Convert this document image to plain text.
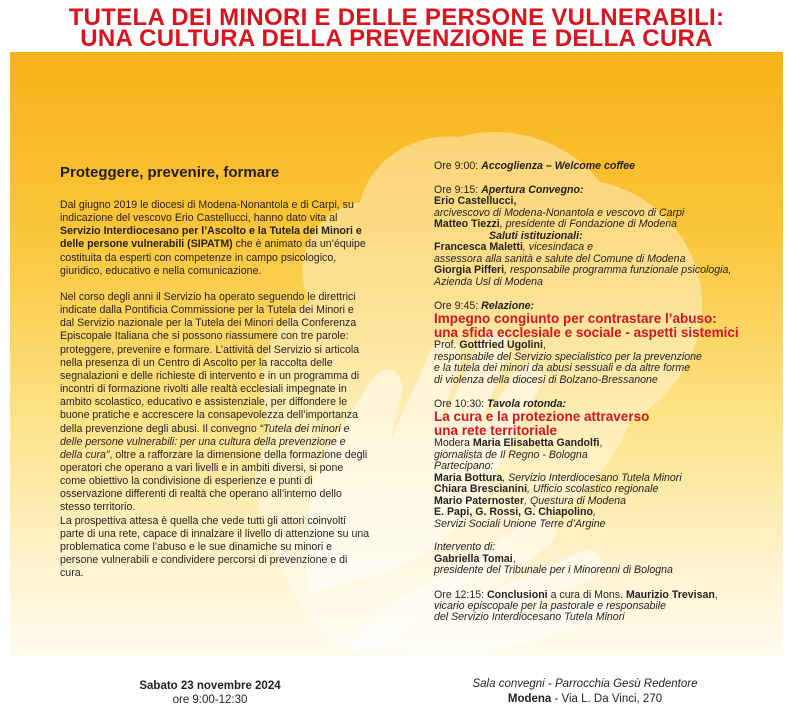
TUTELA DEI MINORI E DELLE PERSONE VULNERABILI:
UNA CULTURA DELLA PREVENZIONE E DELLA CURA
Proteggere, prevenire, formare

Dal giugno 2019 le diocesi di Modena-Nonantola e di Carpi, su indicazione del vescovo Erio Castellucci, hanno dato vita al Servizio Interdiocesano per l’Ascolto e la Tutela dei Minori e delle persone vulnerabili (SIPATM) che è animato da un’équipe costituita da esperti con competenze in campo psicologico, giuridico, educativo e nella comunicazione.

Nel corso degli anni il Servizio ha operato seguendo le direttrici indicate dalla Pontificia Commissione per la Tutela dei Minori e dal Servizio nazionale per la Tutela dei Minori della Conferenza Episcopale Italiana che si possono riassumere con tre parole: proteggere, prevenire e formare. L’attività del Servizio si articola nella presenza di un Centro di Ascolto per la raccolta delle segnalazioni e delle richieste di intervento e in un programma di incontri di formazione rivolti alle realtà ecclesiali impegnate in ambito scolastico, educativo e assistenziale, per diffondere le buone pratiche e accrescere la consapevolezza dell’importanza della prevenzione degli abusi. Il convegno “Tutela dei minori e delle persone vulnerabili: per una cultura della prevenzione e della cura”, oltre a rafforzare la dimensione della formazione degli operatori che operano a vari livelli e in ambiti diversi, si pone come obiettivo la condivisione di esperienze e punti di osservazione differenti di realtà che operano all’interno dello stesso territorio.

La prospettiva attesa è quella che vede tutti gli attori coinvolti parte di una rete, capace di innalzare il livello di attenzione su una problematica come l’abuso e le sue dinamiche su minori e persone vulnerabili e condividere percorsi di prevenzione e di cura.

Ore 9:00: Accoglienza – Welcome coffee
Ore 9:15: Apertura Convegno:
Erio Castellucci,
arcivescovo di Modena-Nonantola e vescovo di Carpi
Matteo Tiezzi, presidente di Fondazione di Modena
Saluti istituzionali:
Francesca Maletti, vicesindaca e
assessora alla sanità e salute del Comune di Modena
Giorgia Pifferi, responsabile programma funzionale psicologia,
Azienda Usl di Modena
Ore 9:45: Relazione:
Impegno congiunto per contrastare l’abuso:
una sfida ecclesiale e sociale - aspetti sistemici
Prof. Gottfried Ugolini,
responsabile del Servizio specialistico per la prevenzione
e la tutela dei minori da abusi sessuali e da altre forme
di violenza della diocesi di Bolzano-Bressanone
Ore 10:30: Tavola rotonda:
La cura e la protezione attraverso
una rete territoriale
Modera Maria Elisabetta Gandolfi,
giornalista de Il Regno - Bologna
Partecipano:
Maria Bottura, Servizio Interdiocesano Tutela Minori
Chiara Brescianini, Ufficio scolastico regionale
Mario Paternoster, Questura di Modena
E. Papi, G. Rossi, G. Chiapolino,
Servizi Sociali Unione Terre d’Argine
Intervento di:
Gabriella Tomai,
presidente del Tribunale per i Minorenni di Bologna
Ore 12:15: Conclusioni a cura di Mons. Maurizio Trevisan,
vicario episcopale per la pastorale e responsabile
del Servizio Interdiocesano Tutela Minori
Sabato 23 novembre 2024
ore 9:00-12:30
Sala convegni - Parrocchia Gesù Redentore
Modena - Via L. Da Vinci, 270
